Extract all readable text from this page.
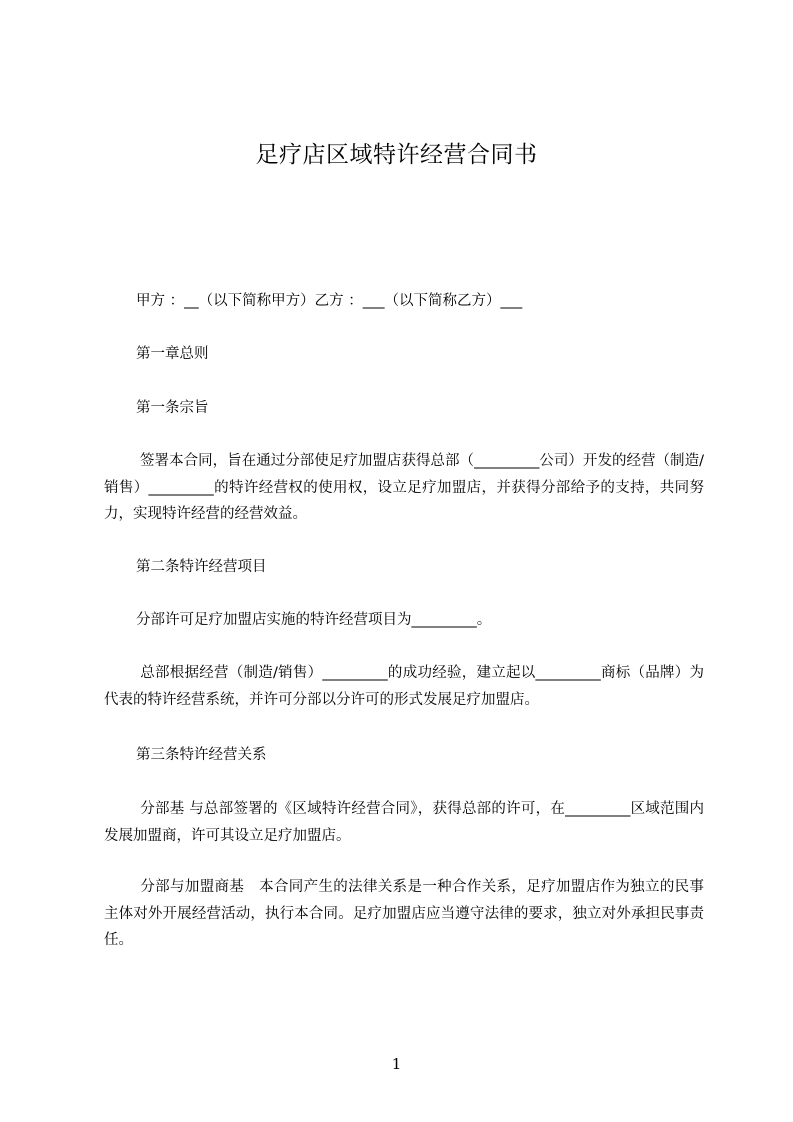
足疗店区域特许经营合同书
甲方 ：__（以下简称甲方）乙方 ：___（以下简称乙方）___
第一章总则
第一条宗旨
签署本合同，旨在通过分部使足疗加盟店获得总部（_________公司）开发的经营（制造/销售）_________的特许经营权的使用权，设立足疗加盟店，并获得分部给予的支持，共同努力，实现特许经营的经营效益。
第二条特许经营项目
分部许可足疗加盟店实施的特许经营项目为_________。
总部根据经营（制造/销售）_________的成功经验，建立起以_________商标（品牌）为代表的特许经营系统，并许可分部以分许可的形式发展足疗加盟店。
第三条特许经营关系
分部基 与总部签署的《区域特许经营合同》，获得总部的许可，在_________区域范围内发展加盟商，许可其设立足疗加盟店。
分部与加盟商基　本合同产生的法律关系是一种合作关系，足疗加盟店作为独立的民事主体对外开展经营活动，执行本合同。足疗加盟店应当遵守法律的要求，独立对外承担民事责任。
1
